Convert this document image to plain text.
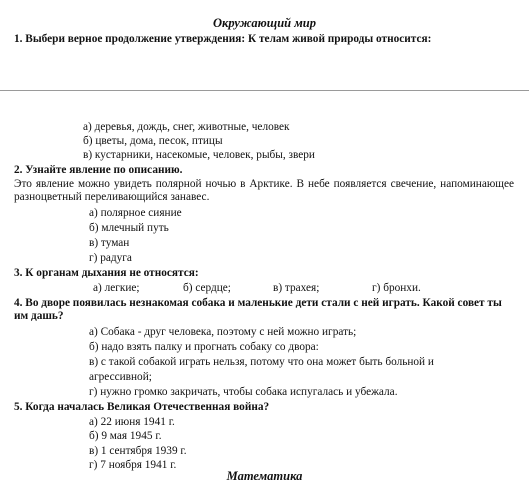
Окружающий мир
1. Выбери верное продолжение утверждения: К телам живой природы относится:
а) деревья, дождь, снег, животные, человек
б) цветы, дома, песок, птицы
в) кустарники, насекомые, человек, рыбы, звери
2. Узнайте явление по описанию.
Это явление можно увидеть полярной ночью в Арктике. В небе появляется свечение, напоминающее разноцветный переливающийся занавес.
а) полярное сияние
б) млечный путь
в) туман
г) радуга
3. К органам дыхания не относятся:
а) легкие;	б) сердце;	в) трахея;	г) бронхи.
4. Во дворе появилась незнакомая собака и маленькие дети стали с ней играть. Какой совет ты им дашь?
а) Собака - друг человека, поэтому с ней можно играть;
б) надо взять палку и прогнать собаку со двора:
в) с такой собакой играть нельзя, потому что она может быть больной и
агрессивной;
г) нужно громко закричать, чтобы собака испугалась и убежала.
5. Когда началась Великая Отечественная война?
а) 22 июня 1941 г.
б) 9 мая 1945 г.
в) 1 сентября 1939 г.
г) 7 ноября 1941 г.
Математика
